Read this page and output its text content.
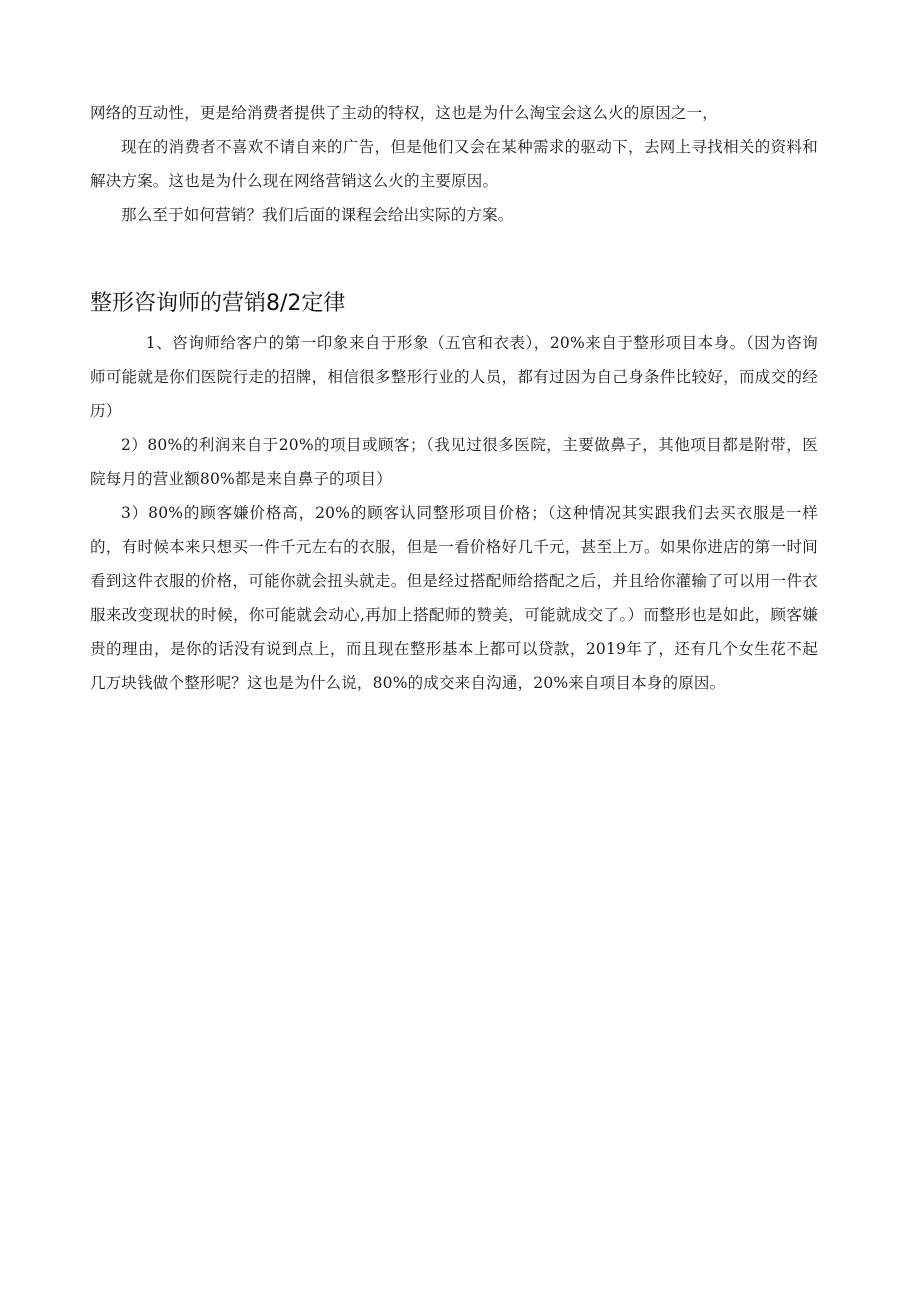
网络的互动性，更是给消费者提供了主动的特权，这也是为什么淘宝会这么火的原因之一，

现在的消费者不喜欢不请自来的广告，但是他们又会在某种需求的驱动下，去网上寻找相关的资料和解决方案。这也是为什么现在网络营销这么火的主要原因。

那么至于如何营销？我们后面的课程会给出实际的方案。

整形咨询师的营销8/2定律

1、咨询师给客户的第一印象来自于形象（五官和衣表），20%来自于整形项目本身。（因为咨询师可能就是你们医院行走的招牌，相信很多整形行业的人员，都有过因为自己身条件比较好，而成交的经历）

2）80%的利润来自于20%的项目或顾客；（我见过很多医院，主要做鼻子，其他项目都是附带，医院每月的营业额80%都是来自鼻子的项目）

3）80%的顾客嫌价格高，20%的顾客认同整形项目价格；（这种情况其实跟我们去买衣服是一样的，有时候本来只想买一件千元左右的衣服，但是一看价格好几千元，甚至上万。如果你进店的第一时间看到这件衣服的价格，可能你就会扭头就走。但是经过搭配师给搭配之后，并且给你灌输了可以用一件衣服来改变现状的时候，你可能就会动心,再加上搭配师的赞美，可能就成交了。）而整形也是如此，顾客嫌贵的理由，是你的话没有说到点上，而且现在整形基本上都可以贷款，2019年了，还有几个女生花不起几万块钱做个整形呢？这也是为什么说，80%的成交来自沟通，20%来自项目本身的原因。
